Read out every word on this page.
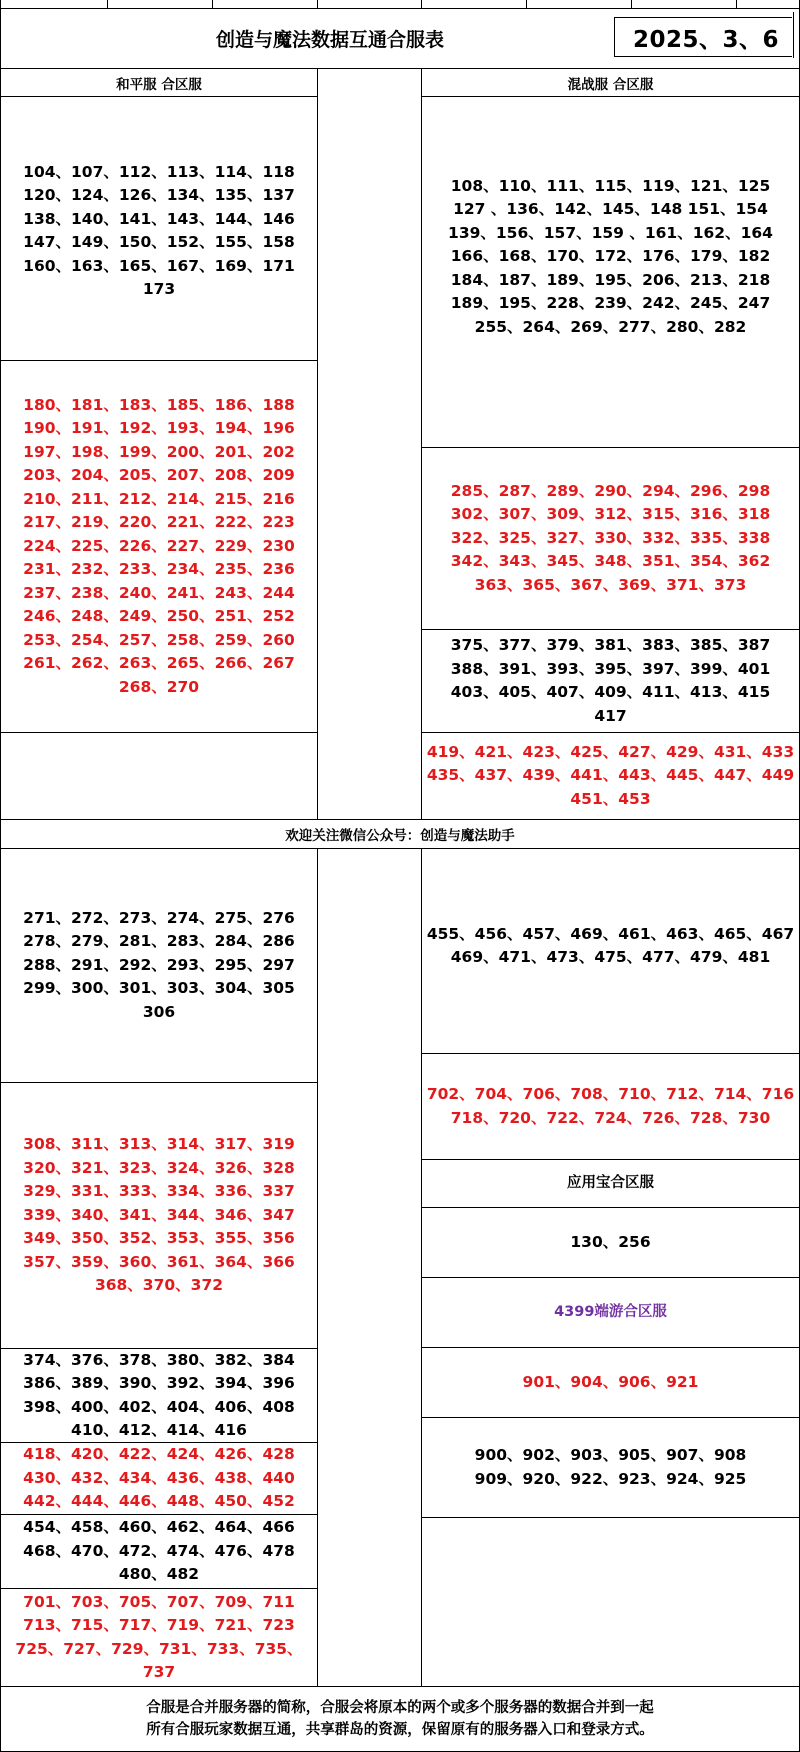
创造与魔法数据互通合服表	2025、3、6
和平服 合区服	混战服 合区服
104、107、112、113、114、118
120、124、126、134、135、137
138、140、141、143、144、146
147、149、150、152、155、158
160、163、165、167、169、171
173
180、181、183、185、186、188
190、191、192、193、194、196
197、198、199、200、201、202
203、204、205、207、208、209
210、211、212、214、215、216
217、219、220、221、222、223
224、225、226、227、229、230
231、232、233、234、235、236
237、238、240、241、243、244
246、248、249、250、251、252
253、254、257、258、259、260
261、262、263、265、266、267
268、270
108、110、111、115、119、121、125
127 、136、142、145、148 151、154
139、156、157、159 、161、162、164
166、168、170、172、176、179、182
184、187、189、195、206、213、218
189、195、228、239、242、245、247
255、264、269、277、280、282
285、287、289、290、294、296、298
302、307、309、312、315、316、318
322、325、327、330、332、335、338
342、343、345、348、351、354、362
363、365、367、369、371、373
375、377、379、381、383、385、387
388、391、393、395、397、399、401
403、405、407、409、411、413、415
417
419、421、423、425、427、429、431、433
435、437、439、441、443、445、447、449
451、453
欢迎关注微信公众号：创造与魔法助手
271、272、273、274、275、276
278、279、281、283、284、286
288、291、292、293、295、297
299、300、301、303、304、305
306
308、311、313、314、317、319
320、321、323、324、326、328
329、331、333、334、336、337
339、340、341、344、346、347
349、350、352、353、355、356
357、359、360、361、364、366
368、370、372
374、376、378、380、382、384
386、389、390、392、394、396
398、400、402、404、406、408
410、412、414、416
418、420、422、424、426、428
430、432、434、436、438、440
442、444、446、448、450、452
454、458、460、462、464、466
468、470、472、474、476、478
480、482
701、703、705、707、709、711
713、715、717、719、721、723
725、727、729、731、733、735、
737
455、456、457、469、461、463、465、467
469、471、473、475、477、479、481
702、704、706、708、710、712、714、716
718、720、722、724、726、728、730
应用宝合区服
130、256
4399端游合区服
901、904、906、921
900、902、903、905、907、908
909、920、922、923、924、925
合服是合并服务器的简称，合服会将原本的两个或多个服务器的数据合并到一起
所有合服玩家数据互通，共享群岛的资源，保留原有的服务器入口和登录方式。
